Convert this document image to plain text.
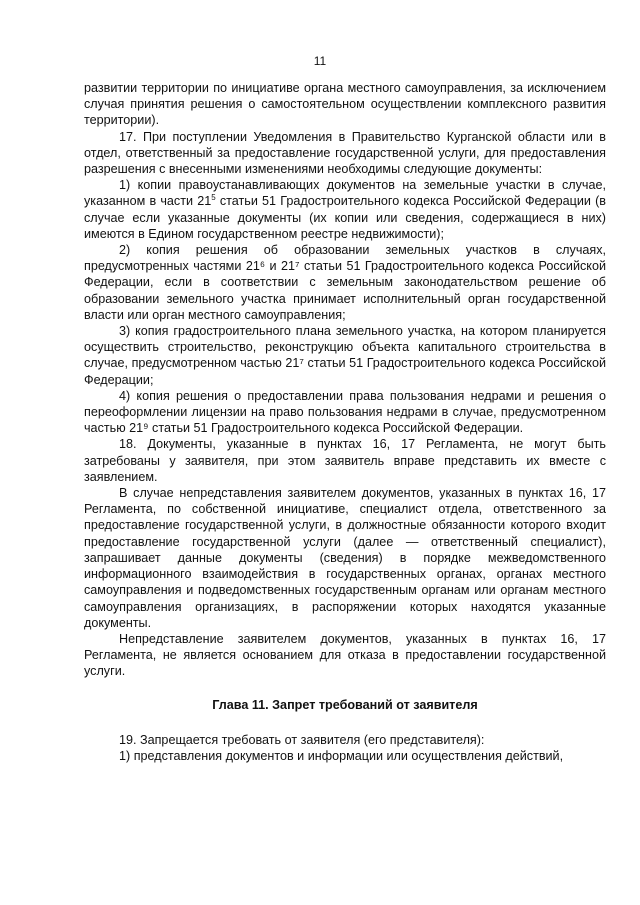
11

развитии территории по инициативе органа местного самоуправления, за исключением случая принятия решения о самостоятельном осуществлении комплексного развития территории).

17. При поступлении Уведомления в Правительство Курганской области или в отдел, ответственный за предоставление государственной услуги, для предоставления разрешения с внесенными изменениями необходимы следующие документы:

1) копии правоустанавливающих документов на земельные участки в случае, указанном в части $21^5$ статьи 51 Градостроительного кодекса Российской Федерации (в случае если указанные документы (их копии или сведения, содержащиеся в них) имеются в Едином государственном реестре недвижимости);

2) копия решения об образовании земельных участков в случаях, предусмотренных частями 21⁶ и 21⁷ статьи 51 Градостроительного кодекса Российской Федерации, если в соответствии с земельным законодательством решение об образовании земельного участка принимает исполнительный орган государственной власти или орган местного самоуправления;

3) копия градостроительного плана земельного участка, на котором планируется осуществить строительство, реконструкцию объекта капитального строительства в случае, предусмотренном частью 21⁷ статьи 51 Градостроительного кодекса Российской Федерации;

4) копия решения о предоставлении права пользования недрами и решения о переоформлении лицензии на право пользования недрами в случае, предусмотренном частью 21⁹ статьи 51 Градостроительного кодекса Российской Федерации.

18. Документы, указанные в пунктах 16, 17 Регламента, не могут быть затребованы у заявителя, при этом заявитель вправе представить их вместе с заявлением.

В случае непредставления заявителем документов, указанных в пунктах 16, 17 Регламента, по собственной инициативе, специалист отдела, ответственного за предоставление государственной услуги, в должностные обязанности которого входит предоставление государственной услуги (далее — ответственный специалист), запрашивает данные документы (сведения) в порядке межведомственного информационного взаимодействия в государственных органах, органах местного самоуправления и подведомственных государственным органам или органам местного самоуправления организациях, в распоряжении которых находятся указанные документы.

Непредставление заявителем документов, указанных в пунктах 16, 17 Регламента, не является основанием для отказа в предоставлении государственной услуги.

Глава 11. Запрет требований от заявителя

19. Запрещается требовать от заявителя (его представителя):

1) представления документов и информации или осуществления действий,
